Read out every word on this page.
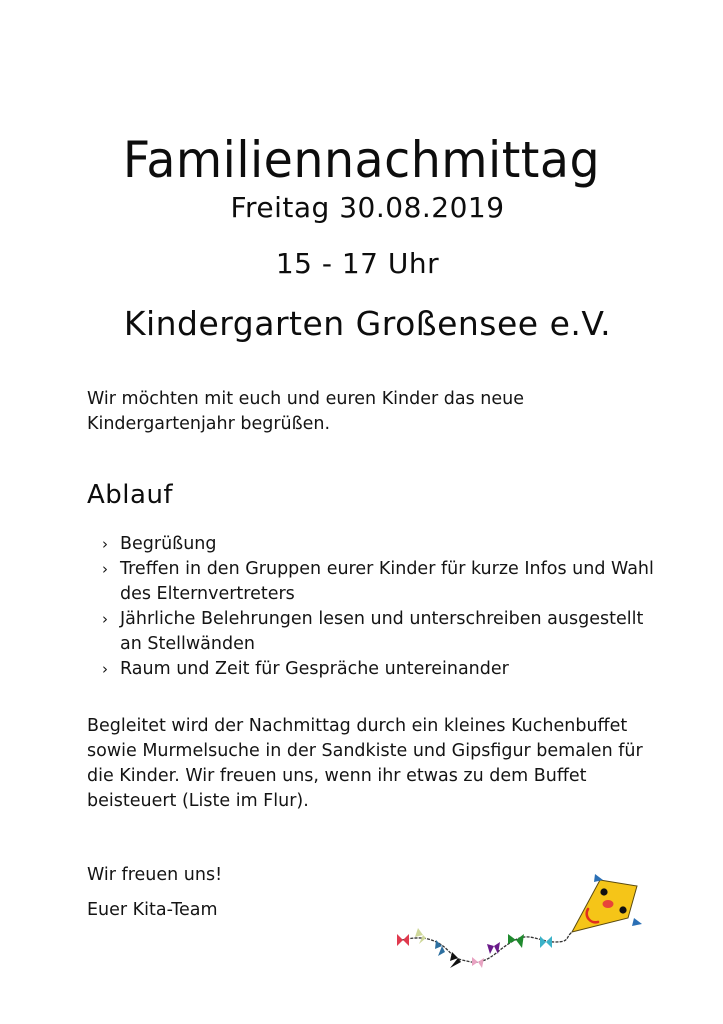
Familiennachmittag
Freitag 30.08.2019
15 - 17 Uhr
Kindergarten Großensee e.V.

Wir möchten mit euch und euren Kinder das neue Kindergartenjahr begrüßen.

Ablauf
› Begrüßung
› Treffen in den Gruppen eurer Kinder für kurze Infos und Wahl des Elternvertreters
› Jährliche Belehrungen lesen und unterschreiben ausgestellt an Stellwänden
› Raum und Zeit für Gespräche untereinander

Begleitet wird der Nachmittag durch ein kleines Kuchenbuffet sowie Murmelsuche in der Sandkiste und Gipsfigur bemalen für die Kinder. Wir freuen uns, wenn ihr etwas zu dem Buffet beisteuert (Liste im Flur).

Wir freuen uns!

Euer Kita-Team
